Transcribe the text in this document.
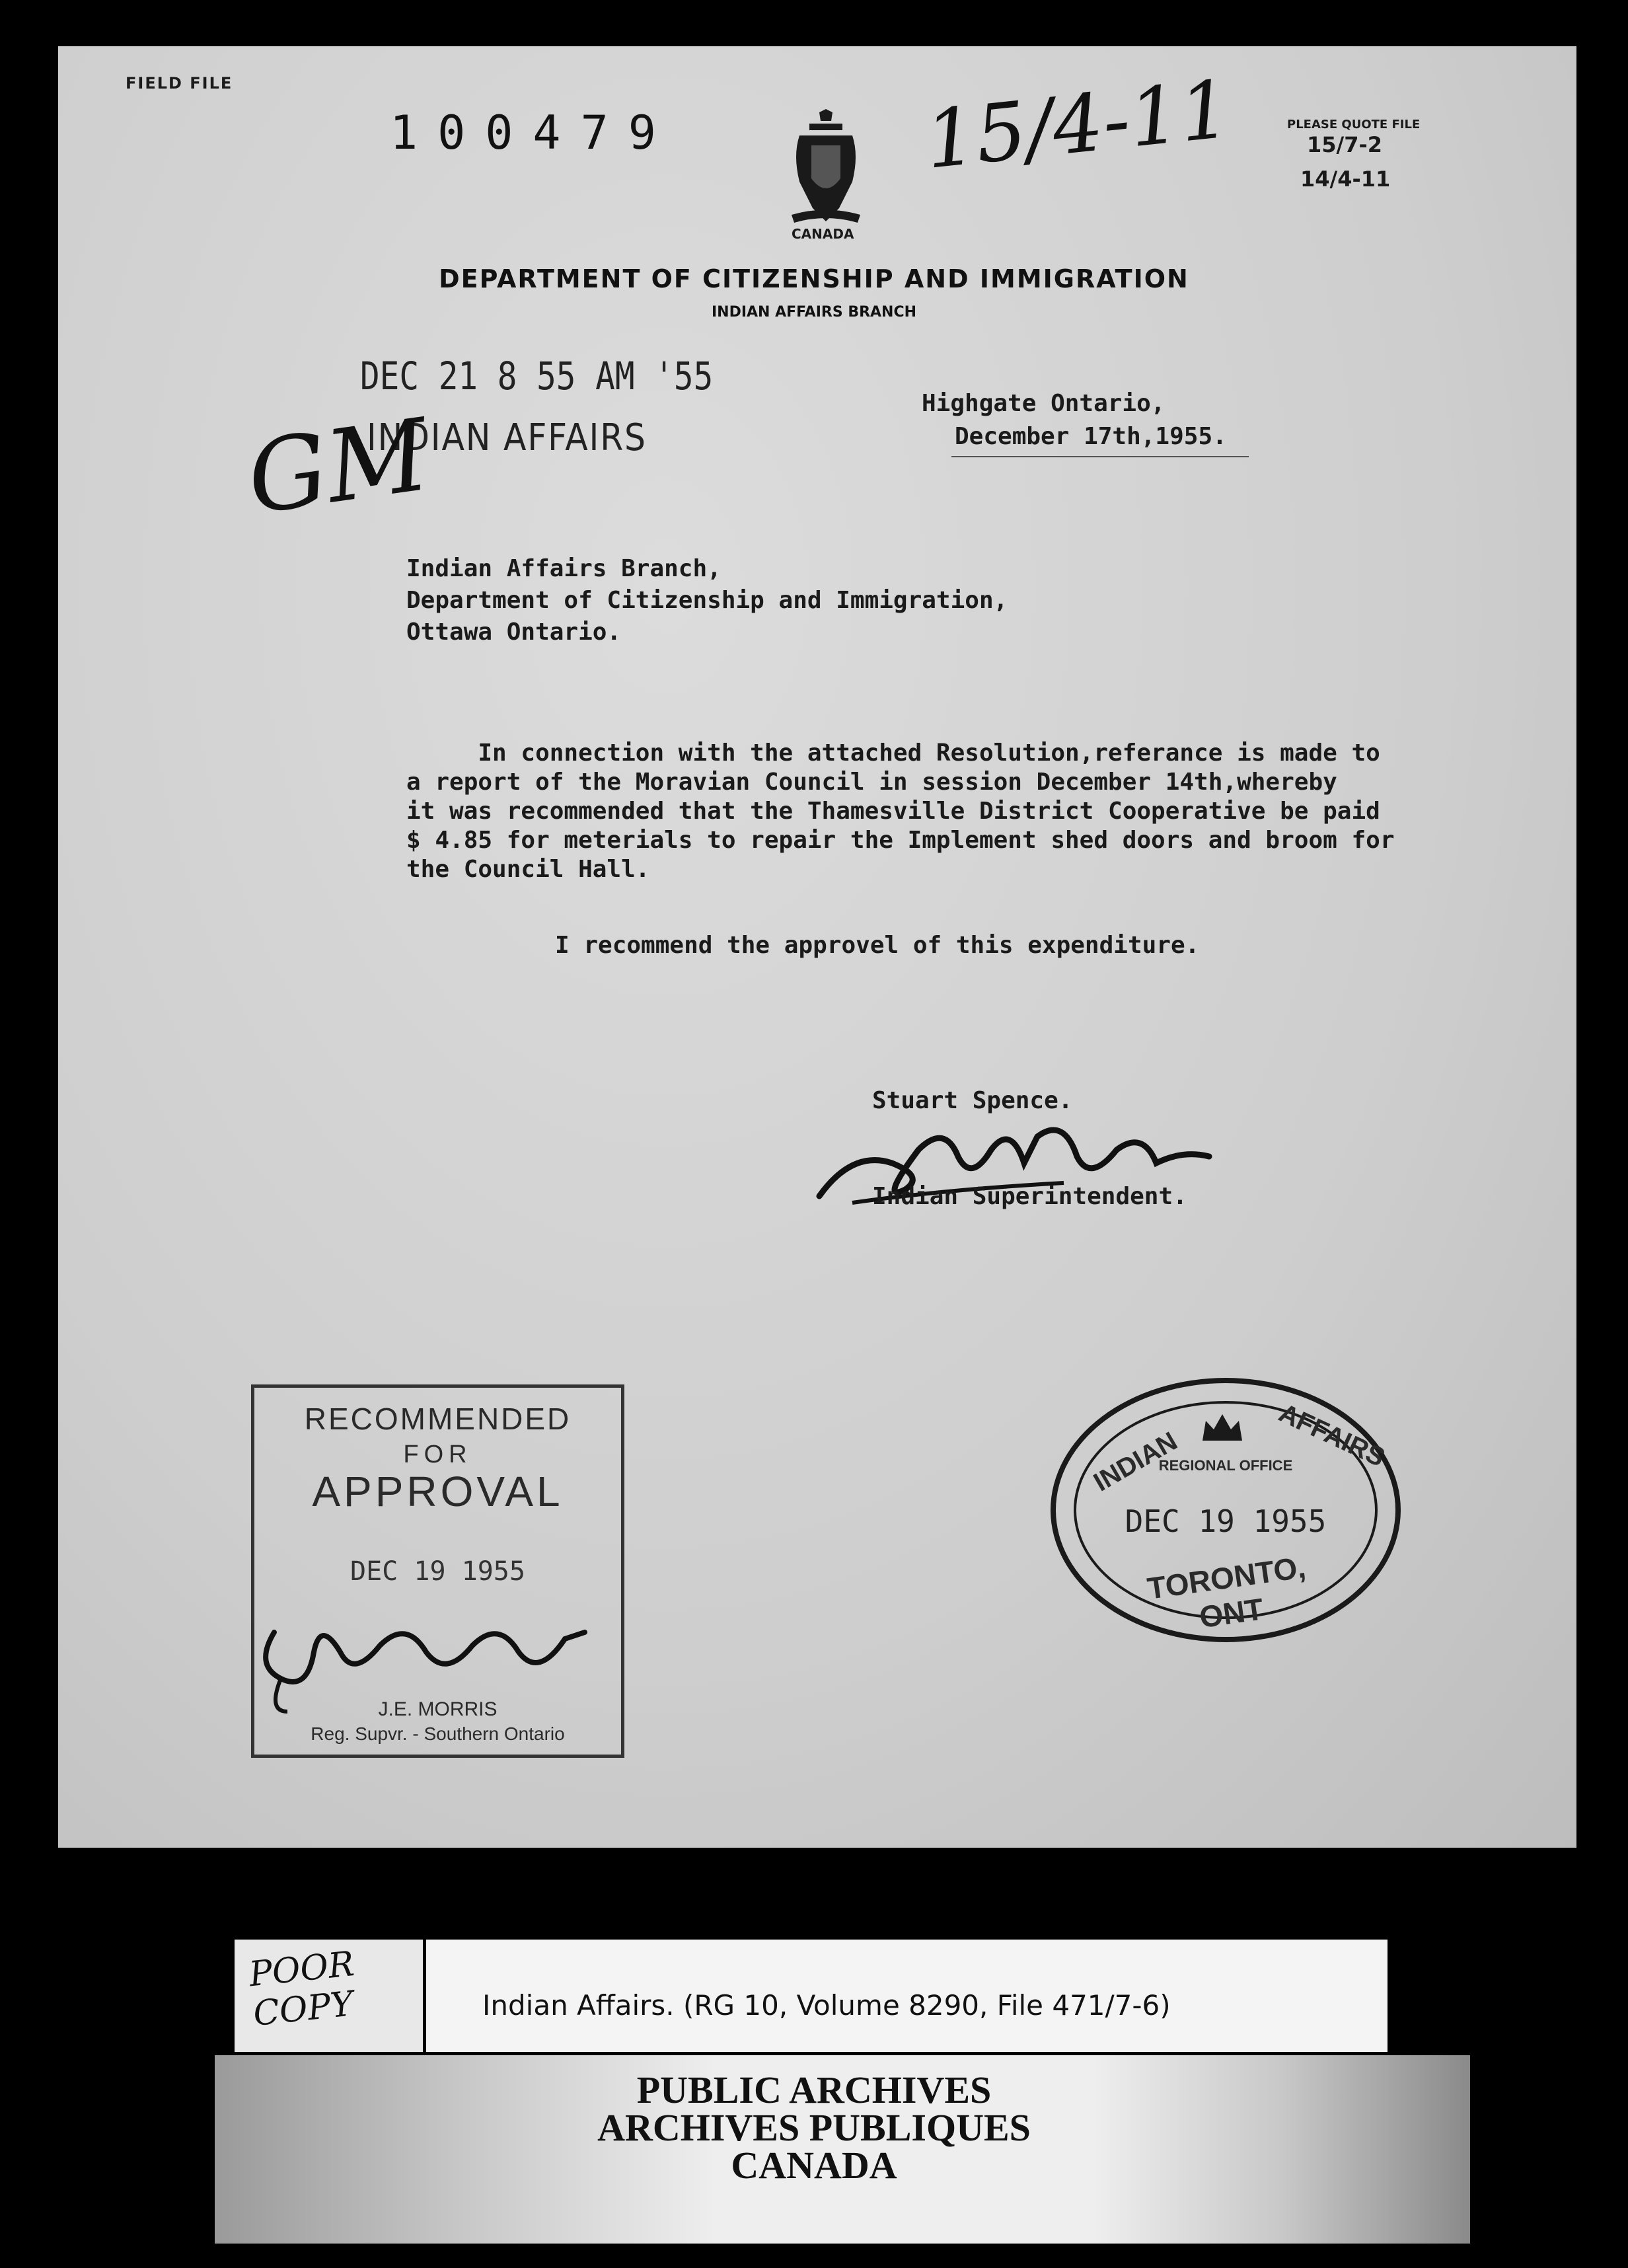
FIELD FILE
100479
CANADA
15/4-11	PLEASE QUOTE FILE
15/7-2
14/4-11
DEPARTMENT OF CITIZENSHIP AND IMMIGRATION
INDIAN AFFAIRS BRANCH
DEC 21 8 55 AM '55
INDIAN AFFAIRS
GM	Highgate Ontario,
December 17th,1955.
Indian Affairs Branch,
Department of Citizenship and Immigration,
Ottawa Ontario.
In connection with the attached Resolution,referance is made to
a report of the Moravian Council in session December 14th,whereby
it was recommended that the Thamesville District Cooperative be paid
$ 4.85 for meterials to repair the Implement shed doors and broom for
the Council Hall.
I recommend the approvel of this expenditure.
Stuart Spence.
Indian Superintendent.
RECOMMENDED
FOR
APPROVAL
DEC 19 1955
J.E. MORRIS
Reg. Supvr. - Southern Ontario
INDIAN	AFFAIRS
REGIONAL OFFICE
DEC 19 1955
TORONTO, ONT
POOR
COPY	Indian Affairs. (RG 10, Volume 8290, File 471/7-6)
PUBLIC ARCHIVES
ARCHIVES PUBLIQUES
CANADA
